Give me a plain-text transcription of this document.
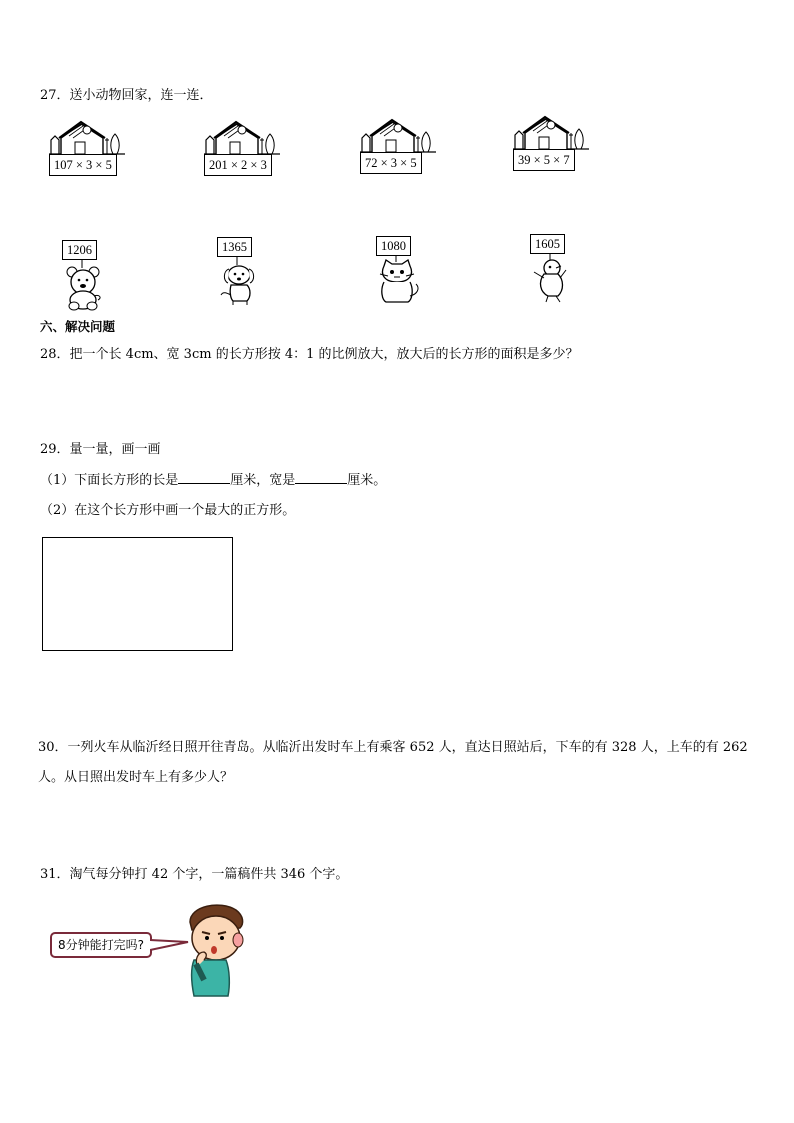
27．送小动物回家，连一连．
107 × 3 × 5	201 × 2 × 3	72 × 3 × 5	39 × 5 × 7
1206	1365	1080	1605
六、解决问题
28．把一个长 4cm、宽 3cm 的长方形按 4：1 的比例放大，放大后的长方形的面积是多少？
29．量一量，画一画
（1）下面长方形的长是	厘米，宽是	厘米。
（2）在这个长方形中画一个最大的正方形。
30．一列火车从临沂经日照开往青岛。从临沂出发时车上有乘客 652 人，直达日照站后，下车的有 328 人，上车的有 262 人。从日照出发时车上有多少人？
31．淘气每分钟打 42 个字，一篇稿件共 346 个字。
8分钟能打完吗?
